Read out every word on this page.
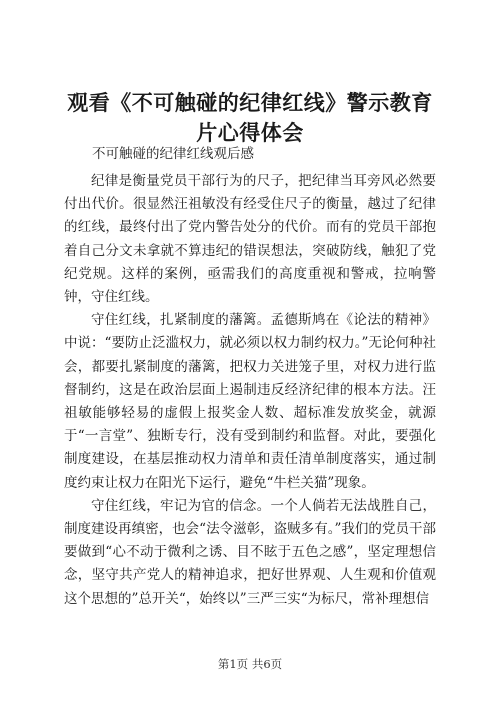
观看《不可触碰的纪律红线》警示教育片心得体会
不可触碰的纪律红线观后感

纪律是衡量党员干部行为的尺子，把纪律当耳旁风必然要付出代价。很显然汪祖敏没有经受住尺子的衡量，越过了纪律的红线，最终付出了党内警告处分的代价。而有的党员干部抱着自己分文未拿就不算违纪的错误想法，突破防线，触犯了党纪党规。这样的案例，亟需我们的高度重视和警戒，拉响警钟，守住红线。

守住红线，扎紧制度的藩篱。孟德斯鸠在《论法的精神》中说：“要防止泛滥权力，就必须以权力制约权力。”无论何种社会，都要扎紧制度的藩篱，把权力关进笼子里，对权力进行监督制约，这是在政治层面上遏制违反经济纪律的根本方法。汪祖敏能够轻易的虚假上报奖金人数、超标准发放奖金，就源于“一言堂”、独断专行，没有受到制约和监督。对此，要强化制度建设，在基层推动权力清单和责任清单制度落实，通过制度约束让权力在阳光下运行，避免“牛栏关猫”现象。

守住红线，牢记为官的信念。一个人倘若无法战胜自己，制度建设再缜密，也会“法令滋彰，盗贼多有。”我们的党员干部要做到“心不动于微利之诱、目不眩于五色之感”，坚定理想信念，坚守共产党人的精神追求，把好世界观、人生观和价值观这个思想的”总开关“，始终以”三严三实“为标尺，常补理想信

第1页 共6页
